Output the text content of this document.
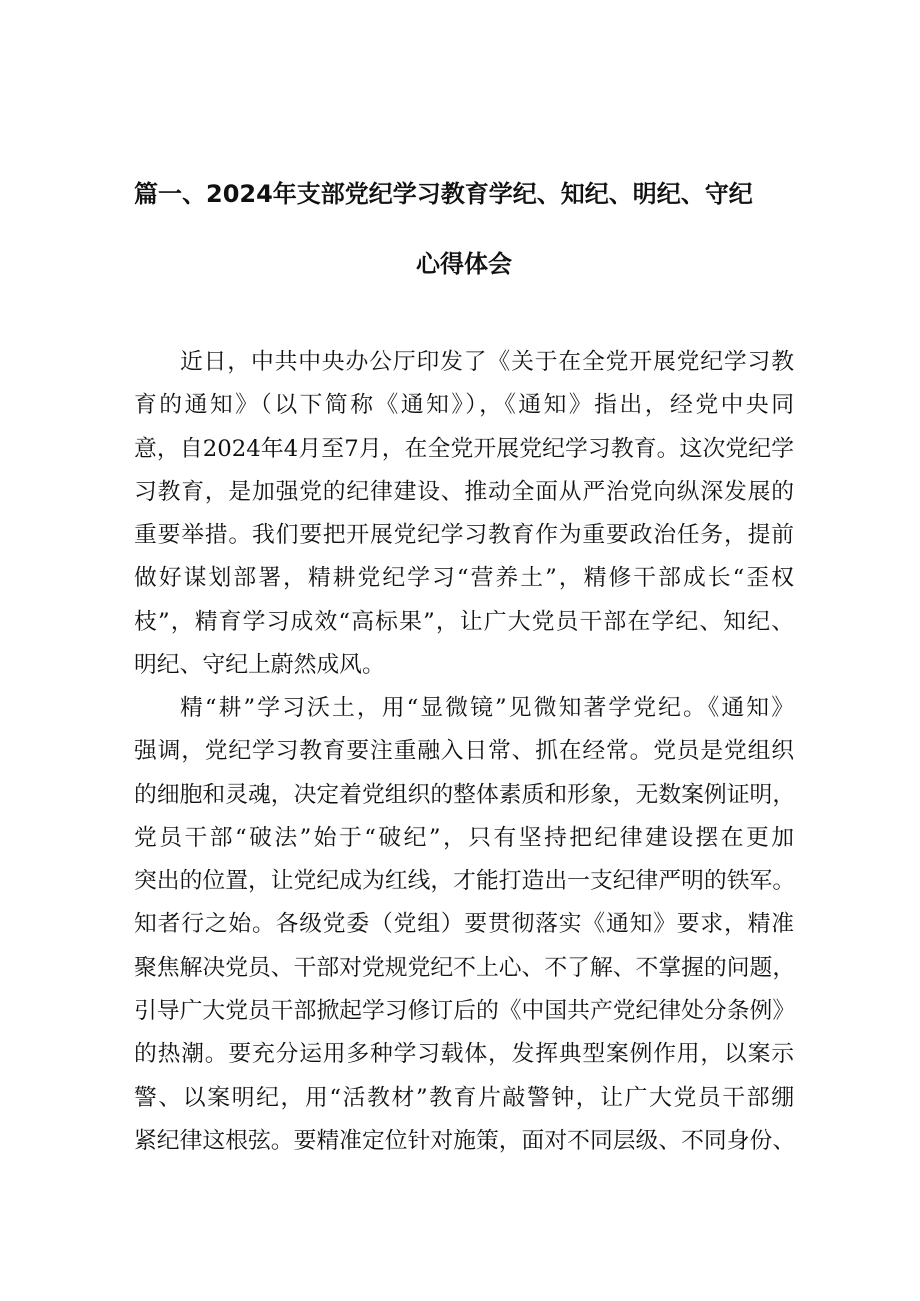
篇一、2024年支部党纪学习教育学纪、知纪、明纪、守纪
心得体会
近日，中共中央办公厅印发了《关于在全党开展党纪学习教
育的通知》（以下简称《通知》），《通知》指出，经党中央同
意，自2024年4月至7月，在全党开展党纪学习教育。这次党纪学
习教育，是加强党的纪律建设、推动全面从严治党向纵深发展的
重要举措。我们要把开展党纪学习教育作为重要政治任务，提前
做好谋划部署，精耕党纪学习“营养土”，精修干部成长“歪权
枝”，精育学习成效“高标果”，让广大党员干部在学纪、知纪、
明纪、守纪上蔚然成风。
精“耕”学习沃土，用“显微镜”见微知著学党纪。《通知》
强调，党纪学习教育要注重融入日常、抓在经常。党员是党组织
的细胞和灵魂，决定着党组织的整体素质和形象，无数案例证明，
党员干部“破法”始于“破纪”，只有坚持把纪律建设摆在更加
突出的位置，让党纪成为红线，才能打造出一支纪律严明的铁军。
知者行之始。各级党委（党组）要贯彻落实《通知》要求，精准
聚焦解决党员、干部对党规党纪不上心、不了解、不掌握的问题，
引导广大党员干部掀起学习修订后的《中国共产党纪律处分条例》
的热潮。要充分运用多种学习载体，发挥典型案例作用，以案示
警、以案明纪，用“活教材”教育片敲警钟，让广大党员干部绷
紧纪律这根弦。要精准定位针对施策，面对不同层级、不同身份、
